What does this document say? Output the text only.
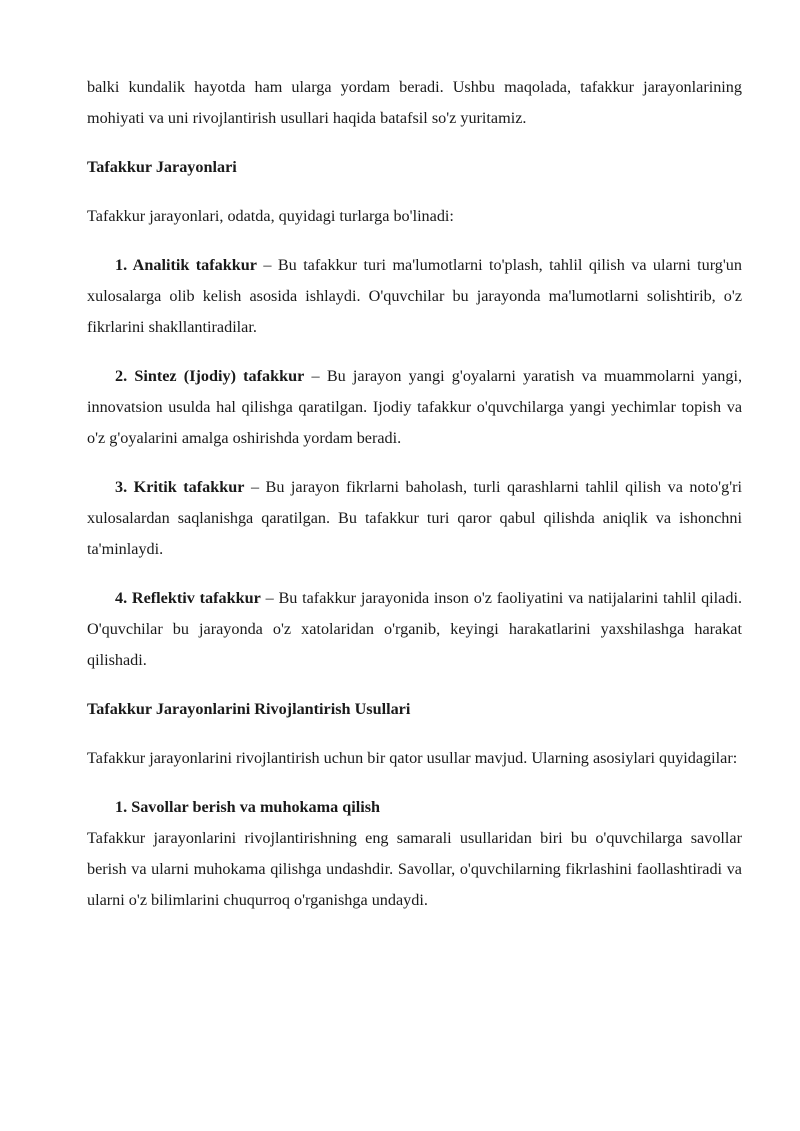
balki kundalik hayotda ham ularga yordam beradi. Ushbu maqolada, tafakkur jarayonlarining mohiyati va uni rivojlantirish usullari haqida batafsil so'z yuritamiz.

Tafakkur Jarayonlari

Tafakkur jarayonlari, odatda, quyidagi turlarga bo'linadi:

1. Analitik tafakkur – Bu tafakkur turi ma'lumotlarni to'plash, tahlil qilish va ularni turg'un xulosalarga olib kelish asosida ishlaydi. O'quvchilar bu jarayonda ma'lumotlarni solishtirib, o'z fikrlarini shakllantiradilar.

2. Sintez (Ijodiy) tafakkur – Bu jarayon yangi g'oyalarni yaratish va muammolarni yangi, innovatsion usulda hal qilishga qaratilgan. Ijodiy tafakkur o'quvchilarga yangi yechimlar topish va o'z g'oyalarini amalga oshirishda yordam beradi.

3. Kritik tafakkur – Bu jarayon fikrlarni baholash, turli qarashlarni tahlil qilish va noto'g'ri xulosalardan saqlanishga qaratilgan. Bu tafakkur turi qaror qabul qilishda aniqlik va ishonchni ta'minlaydi.

4. Reflektiv tafakkur – Bu tafakkur jarayonida inson o'z faoliyatini va natijalarini tahlil qiladi. O'quvchilar bu jarayonda o'z xatolaridan o'rganib, keyingi harakatlarini yaxshilashga harakat qilishadi.

Tafakkur Jarayonlarini Rivojlantirish Usullari

Tafakkur jarayonlarini rivojlantirish uchun bir qator usullar mavjud. Ularning asosiylari quyidagilar:

1. Savollar berish va muhokama qilish

Tafakkur jarayonlarini rivojlantirishning eng samarali usullaridan biri bu o'quvchilarga savollar berish va ularni muhokama qilishga undashdir. Savollar, o'quvchilarning fikrlashini faollashtiradi va ularni o'z bilimlarini chuqurroq o'rganishga undaydi.
